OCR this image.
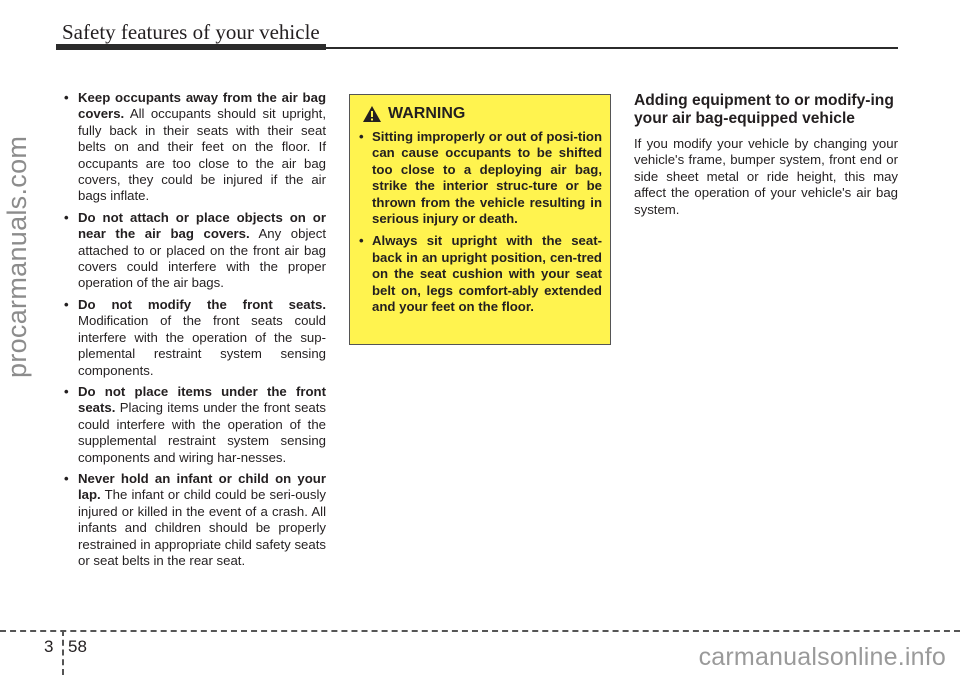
Safety features of your vehicle
procarmanuals.com
• Keep occupants away from the air bag covers. All occupants should sit upright, fully back in their seats with their seat belts on and their feet on the floor. If occupants are too close to the air bag covers, they could be injured if the air bags inflate.
• Do not attach or place objects on or near the air bag covers. Any object attached to or placed on the front air bag covers could interfere with the proper operation of the air bags.
• Do not modify the front seats. Modification of the front seats could interfere with the operation of the sup-plemental restraint system sensing components.
• Do not place items under the front seats. Placing items under the front seats could interfere with the operation of the supplemental restraint system sensing components and wiring har-nesses.
• Never hold an infant or child on your lap. The infant or child could be seri-ously injured or killed in the event of a crash. All infants and children should be properly restrained in appropriate child safety seats or seat belts in the rear seat.
WARNING
• Sitting improperly or out of posi-tion can cause occupants to be shifted too close to a deploying air bag, strike the interior struc-ture or be thrown from the vehicle resulting in serious injury or death.
• Always sit upright with the seat-back in an upright position, cen-tred on the seat cushion with your seat belt on, legs comfort-ably extended and your feet on the floor.
Adding equipment to or modify-ing your air bag-equipped vehicle

If you modify your vehicle by changing your vehicle's frame, bumper system, front end or side sheet metal or ride height, this may affect the operation of your vehicle's air bag system.

3 58	carmanualsonline.info
